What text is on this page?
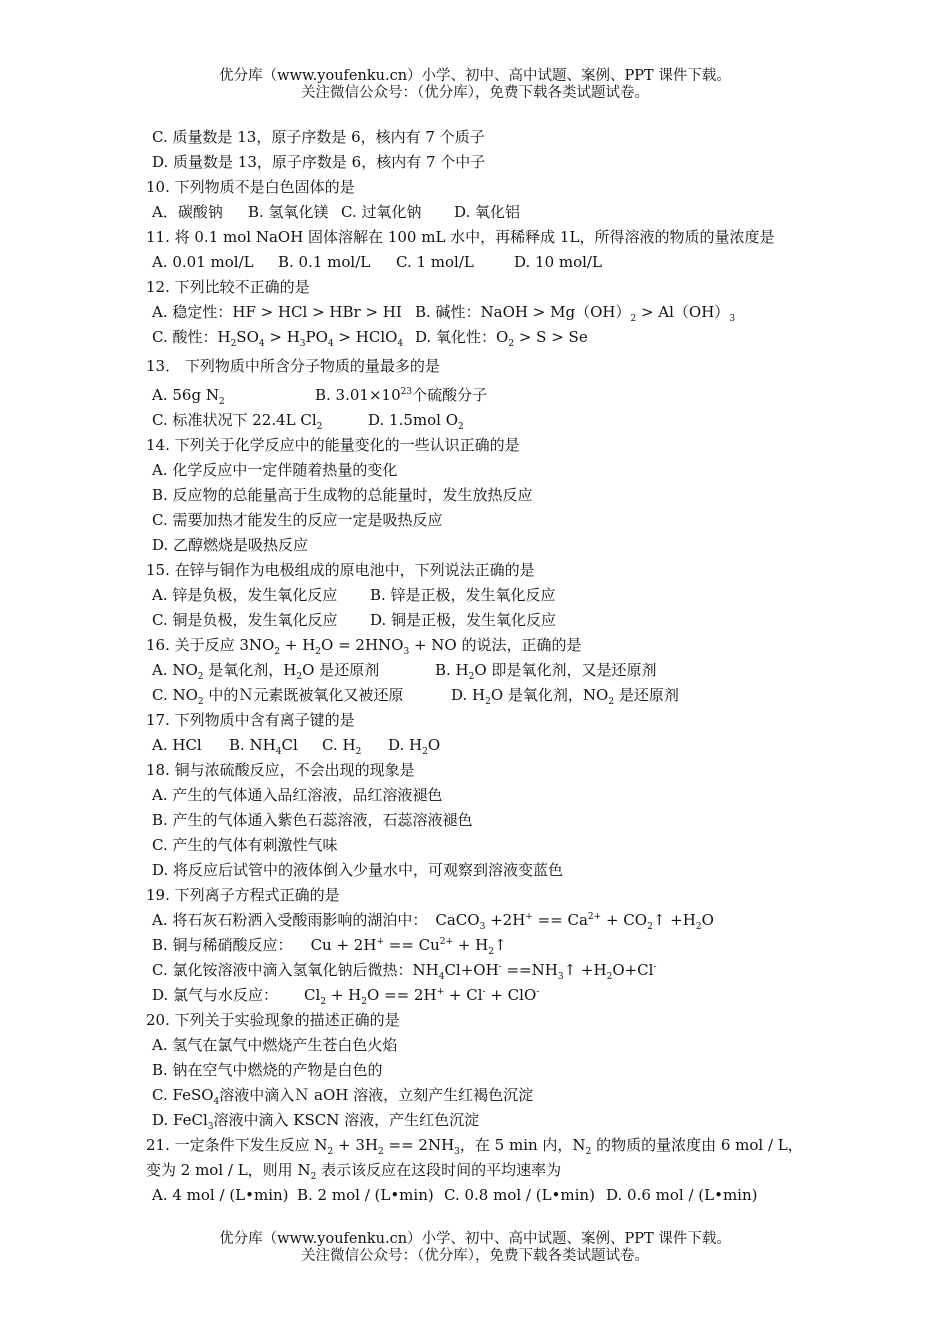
优分库（www.youfenku.cn）小学、初中、高中试题、案例、PPT 课件下载。
关注微信公众号：（优分库），免费下载各类试题试卷。
C. 质量数是 13，原子序数是 6，核内有 7 个质子
D. 质量数是 13，原子序数是 6，核内有 7 个中子
10. 下列物质不是白色固体的是
A．碳酸钠 B. 氢氧化镁 C. 过氧化钠 D. 氧化铝
11. 将 0.1 mol NaOH 固体溶解在 100 mL 水中，再稀释成 1L，所得溶液的物质的量浓度是
A. 0.01 mol/L B. 0.1 mol/L C. 1 mol/L	D. 10 mol/L
12. 下列比较不正确的是
A. 稳定性：HF > HCl > HBr > HI B. 碱性：NaOH > $Mg(OH)_2 > Al(OH)_3$
C. 酸性：$H_2SO_4 > H_3PO_4$ > HClO$_4$ D. 氧化性：$O_2 > S > Se$
13． 下列物质中所含分子物质的量最多的是
A. 56g $N_2$	B. $3.01\times 10^{23}$个硫酸分子
C. 标准状况下 22.4L $Cl_2$	D. 1.5mol $O_2$
14. 下列关于化学反应中的能量变化的一些认识正确的是
A. 化学反应中一定伴随着热量的变化
B. 反应物的总能量高于生成物的总能量时，发生放热反应
C. 需要加热才能发生的反应一定是吸热反应
D. 乙醇燃烧是吸热反应
15. 在锌与铜作为电极组成的原电池中，下列说法正确的是
A. 锌是负极，发生氧化反应 B. 锌是正极，发生氧化反应
C. 铜是负极，发生氧化反应 D. 铜是正极，发生氧化反应
16. 关于反应 $3NO_2 + H_2O = 2HNO_3$ + NO 的说法，正确的是
A. $NO_2$ 是氧化剂，$H_2O$ 是还原剂	B. $H_2O$ 即是氧化剂，又是还原剂
C. $NO_2$ 中的Ｎ元素既被氧化又被还原	D. $H_2O$ 是氧化剂，$NO_2$ 是还原剂
17. 下列物质中含有离子键的是
A. HCl B. $NH_4Cl$ C. $H_2$ D. $H_2O$
18. 铜与浓硫酸反应，不会出现的现象是
A. 产生的气体通入品红溶液，品红溶液褪色
B. 产生的气体通入紫色石蕊溶液，石蕊溶液褪色
C. 产生的气体有刺激性气味
D. 将反应后试管中的液体倒入少量水中，可观察到溶液变蓝色
19. 下列离子方程式正确的是
A. 将石灰石粉洒入受酸雨影响的湖泊中： CaCO$_3$ $+2H^+ == Ca^{2+}$ + $CO_2↑ +H_2O$
B. 铜与稀硝酸反应： $Cu + 2H^+ == Cu^{2+}$ + $H_2↑$
C. 氯化铵溶液中滴入氢氧化钠后微热：$NH_4Cl+OH^-$ $==NH_3↑ +H_2O+Cl^-$
D. 氯气与水反应： $Cl_2 + H_2O == 2H^+ + Cl^- + ClO^-$
20. 下列关于实验现象的描述正确的是
A. 氢气在氯气中燃烧产生苍白色火焰
B. 钠在空气中燃烧的产物是白色的
C. FeSO$_4$溶液中滴入Ｎ aOH 溶液，立刻产生红褐色沉淀
D. FeCl$_3$溶液中滴入 KSCN 溶液，产生红色沉淀
21. 一定条件下发生反应 $N_2 + 3H_2 == 2NH_3$，在 5 min 内，$N_2$ 的物质的量浓度由 6 mol / L，
变为 2 mol / L，则用 $N_2$ 表示该反应在这段时间的平均速率为
A. 4 mol / (L•min) B. 2 mol / (L•min) C. 0.8 mol / (L•min) D. 0.6 mol / (L•min)
优分库（www.youfenku.cn）小学、初中、高中试题、案例、PPT 课件下载。
关注微信公众号：（优分库），免费下载各类试题试卷。
